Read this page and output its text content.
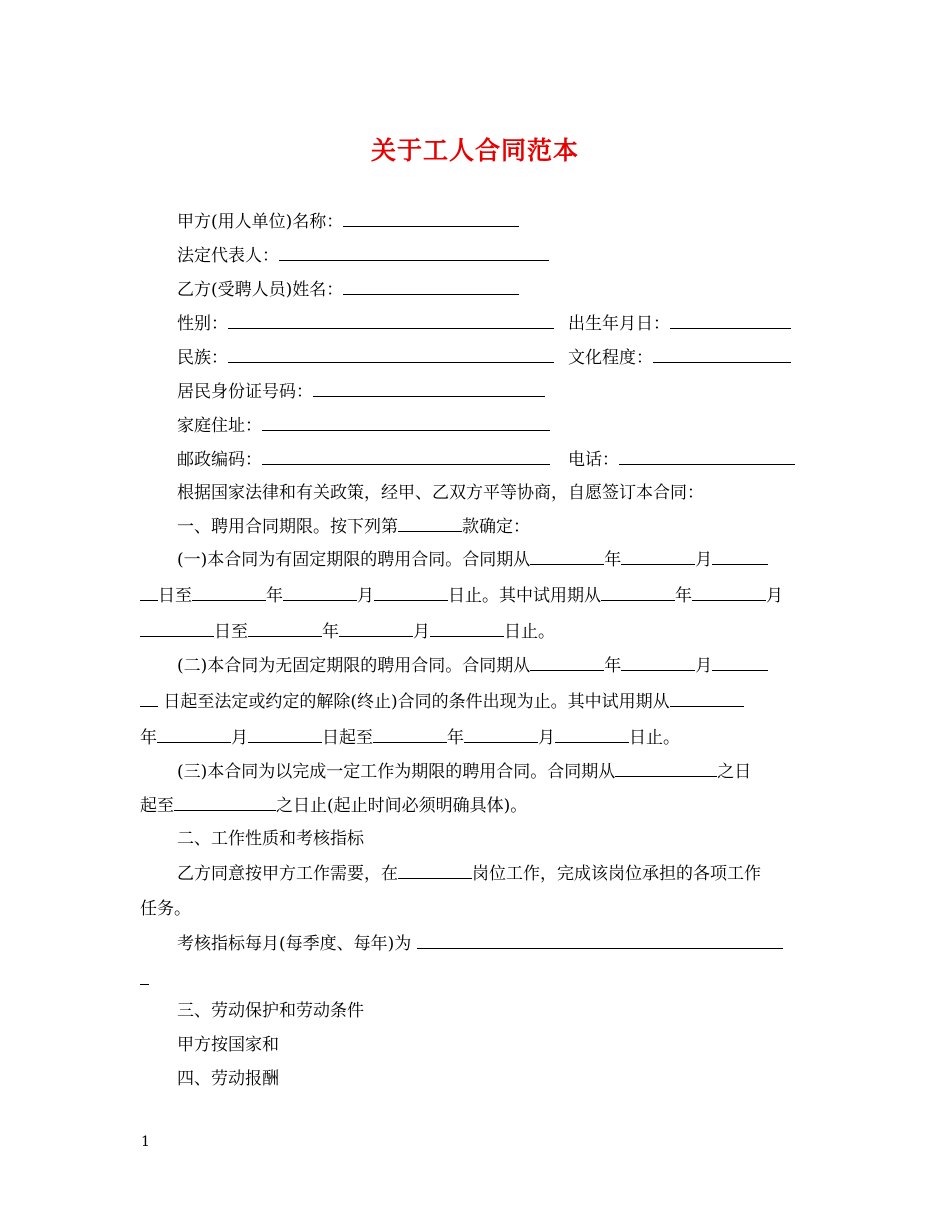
关于工人合同范本
甲方(用人单位)名称：
法定代表人：
乙方(受聘人员)姓名：
性别：	出生年月日：
民族：	文化程度：
居民身份证号码：
家庭住址：
邮政编码：	电话：
根据国家法律和有关政策，经甲、乙双方平等协商，自愿签订本合同：
一、聘用合同期限。按下列第	款确定：
(一)本合同为有固定期限的聘用合同。合同期从	年	月
日至	年	月	日止。其中试用期从	年	月
日至	年	月	日止。
(二)本合同为无固定期限的聘用合同。合同期从	年	月
日起至法定或约定的解除(终止)合同的条件出现为止。其中试用期从
年	月	日起至	年	月	日止。
(三)本合同为以完成一定工作为期限的聘用合同。合同期从	之日
起至	之日止(起止时间必须明确具体)。
二、工作性质和考核指标
乙方同意按甲方工作需要，在	岗位工作，完成该岗位承担的各项工作
任务。
考核指标每月(每季度、每年)为
三、劳动保护和劳动条件
甲方按国家和
四、劳动报酬
1
